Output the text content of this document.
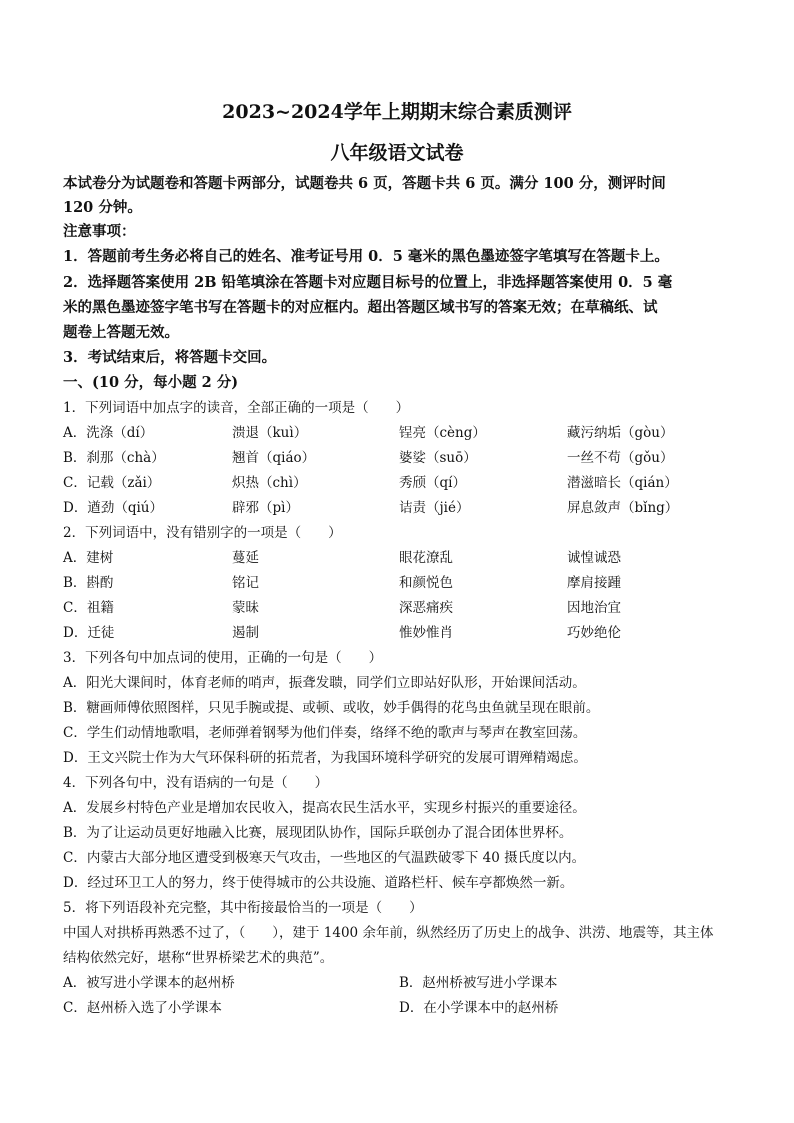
2023~2024学年上期期末综合素质测评
八年级语文试卷
本试卷分为试题卷和答题卡两部分，试题卷共 6 页，答题卡共 6 页。满分 100 分，测评时间
120 分钟。
注意事项：
1．答题前考生务必将自己的姓名、准考证号用 0．5 毫米的黑色墨迹签字笔填写在答题卡上。
2．选择题答案使用 2B 铅笔填涂在答题卡对应题目标号的位置上，非选择题答案使用 0．5 毫
米的黑色墨迹签字笔书写在答题卡的对应框内。超出答题区域书写的答案无效；在草稿纸、试
题卷上答题无效。
3．考试结束后，将答题卡交回。
一、(10 分，每小题 2 分)
1．下列词语中加点字的读音，全部正确的一项是（　　）
A．洗涤（dí）	溃退（kuì）	锃亮（cèng）	藏污纳垢（gòu）
B．刹那（chà）	翘首（qiáo）	婆娑（suō）	一丝不苟（gǒu）
C．记载（zǎi）	炽热（chì）	秀颀（qí）	潜滋暗长（qián）
D．遒劲（qiú）	辟邪（pì）	诘责（jié）	屏息敛声（bǐng）
2．下列词语中，没有错别字的一项是（　　）
A．建树	蔓延	眼花潦乱	诚惶诚恐
B．斟酌	铭记	和颜悦色	摩肩接踵
C．祖籍	蒙昧	深恶痛疾	因地治宜
D．迁徒	遏制	惟妙惟肖	巧妙绝伦
3．下列各句中加点词的使用，正确的一句是（　　）
A．阳光大课间时，体育老师的哨声，振聋发聩，同学们立即站好队形，开始课间活动。
B．糖画师傅依照图样，只见手腕或提、或顿、或收，妙手偶得的花鸟虫鱼就呈现在眼前。
C．学生们动情地歌唱，老师弹着钢琴为他们伴奏，络绎不绝的歌声与琴声在教室回荡。
D．王文兴院士作为大气环保科研的拓荒者，为我国环境科学研究的发展可谓殚精竭虑。
4．下列各句中，没有语病的一句是（　　）
A．发展乡村特色产业是增加农民收入，提高农民生活水平，实现乡村振兴的重要途径。
B．为了让运动员更好地融入比赛，展现团队协作，国际乒联创办了混合团体世界杯。
C．内蒙古大部分地区遭受到极寒天气攻击，一些地区的气温跌破零下 40 摄氏度以内。
D．经过环卫工人的努力，终于使得城市的公共设施、道路栏杆、候车亭都焕然一新。
5．将下列语段补充完整，其中衔接最恰当的一项是（　　）
中国人对拱桥再熟悉不过了，（　　），建于 1400 余年前，纵然经历了历史上的战争、洪涝、地震等，其主体
结构依然完好，堪称“世界桥梁艺术的典范”。
A．被写进小学课本的赵州桥	B．赵州桥被写进小学课本
C．赵州桥入选了小学课本	D．在小学课本中的赵州桥
